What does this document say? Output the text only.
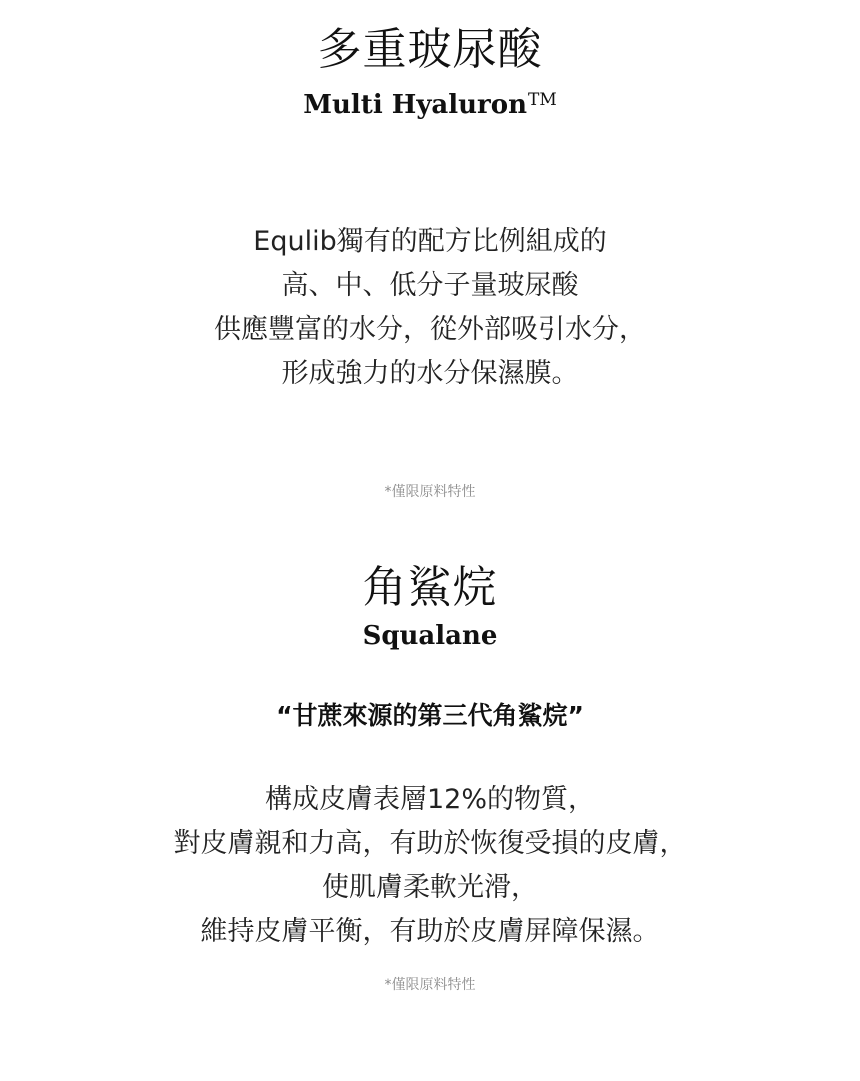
多重玻尿酸
Multi Hyaluron™
Equlib獨有的配方比例組成的
高、中、低分子量玻尿酸
供應豐富的水分，從外部吸引水分，
形成強力的水分保濕膜。
*僅限原料特性
角鯊烷
Squalane
“甘蔗來源的第三代角鯊烷”
構成皮膚表層12%的物質，
對皮膚親和力高，有助於恢復受損的皮膚，
使肌膚柔軟光滑，
維持皮膚平衡，有助於皮膚屏障保濕。
*僅限原料特性
